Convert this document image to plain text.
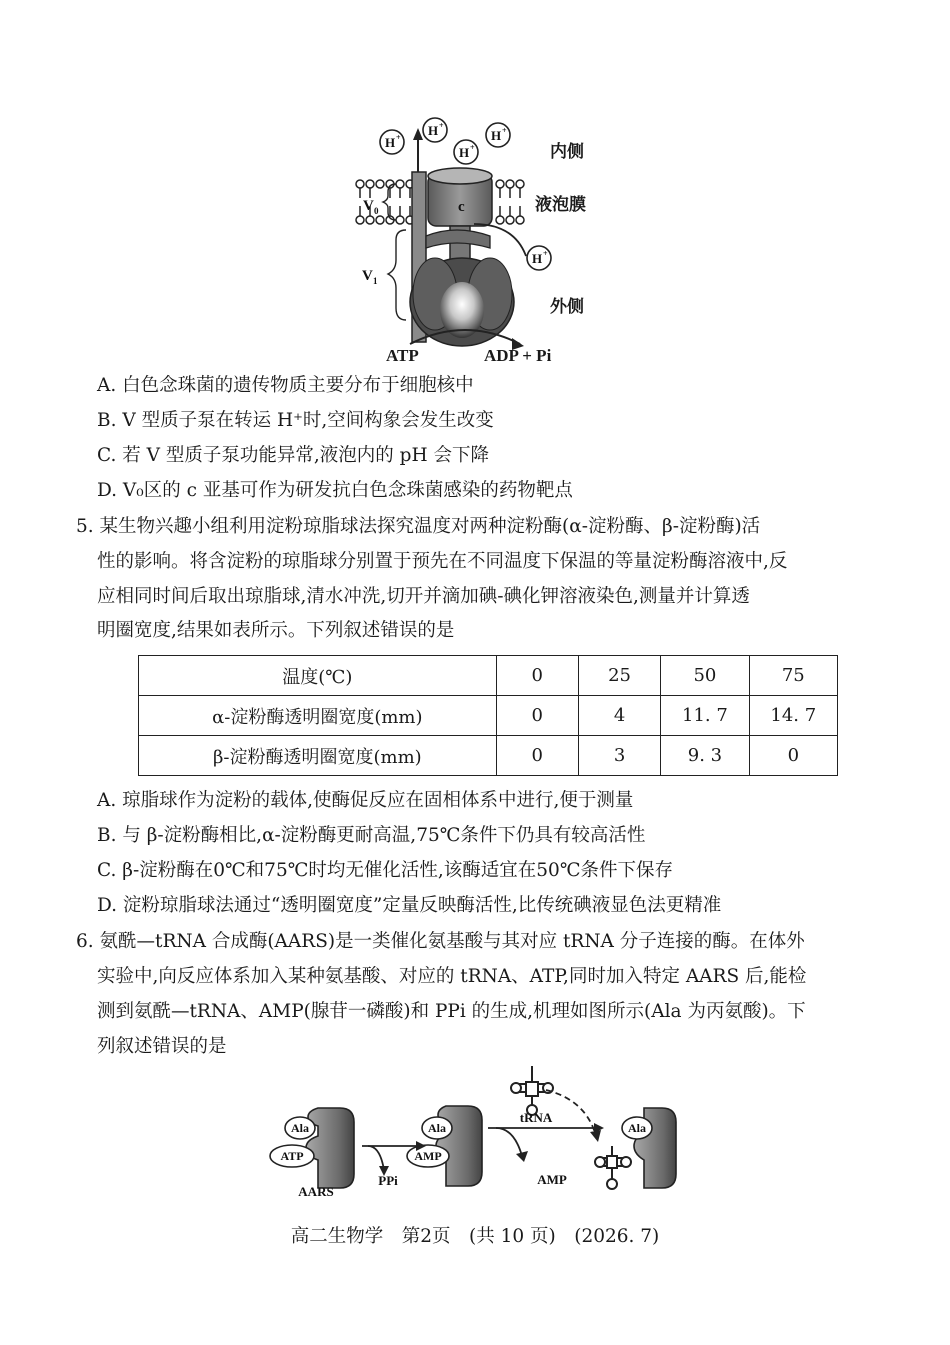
H
H
H
H
H
+
+
+
+
+
c
V 0
V 1
内侧
液泡膜
外侧
ATP	ADP + Pi
A. 白色念珠菌的遗传物质主要分布于细胞核中
B. V 型质子泵在转运 H⁺时,空间构象会发生改变
C. 若 V 型质子泵功能异常,液泡内的 pH 会下降
D. V₀区的 c 亚基可作为研发抗白色念珠菌感染的药物靶点
5. 某生物兴趣小组利用淀粉琼脂球法探究温度对两种淀粉酶(α-淀粉酶、β-淀粉酶)活
性的影响。将含淀粉的琼脂球分别置于预先在不同温度下保温的等量淀粉酶溶液中,反
应相同时间后取出琼脂球,清水冲洗,切开并滴加碘-碘化钾溶液染色,测量并计算透
明圈宽度,结果如表所示。下列叙述错误的是
温度(℃)	0	25	50	75
α-淀粉酶透明圈宽度(mm)	0	4	11. 7	14. 7
β-淀粉酶透明圈宽度(mm)	0	3	9. 3	0
A. 琼脂球作为淀粉的载体,使酶促反应在固相体系中进行,便于测量
B. 与 β-淀粉酶相比,α-淀粉酶更耐高温,75℃条件下仍具有较高活性
C. β-淀粉酶在0℃和75℃时均无催化活性,该酶适宜在50℃条件下保存
D. 淀粉琼脂球法通过“透明圈宽度”定量反映酶活性,比传统碘液显色法更精准
6. 氨酰—tRNA 合成酶(AARS)是一类催化氨基酸与其对应 tRNA 分子连接的酶。在体外
实验中,向反应体系加入某种氨基酸、对应的 tRNA、ATP,同时加入特定 AARS 后,能检
测到氨酰—tRNA、AMP(腺苷一磷酸)和 PPi 的生成,机理如图所示(Ala 为丙氨酸)。下
列叙述错误的是
Ala
ATP
Ala
AMP
Ala
AARS
PPi
tRNA
AMP
高二生物学　第2页　(共 10 页)　(2026. 7)
